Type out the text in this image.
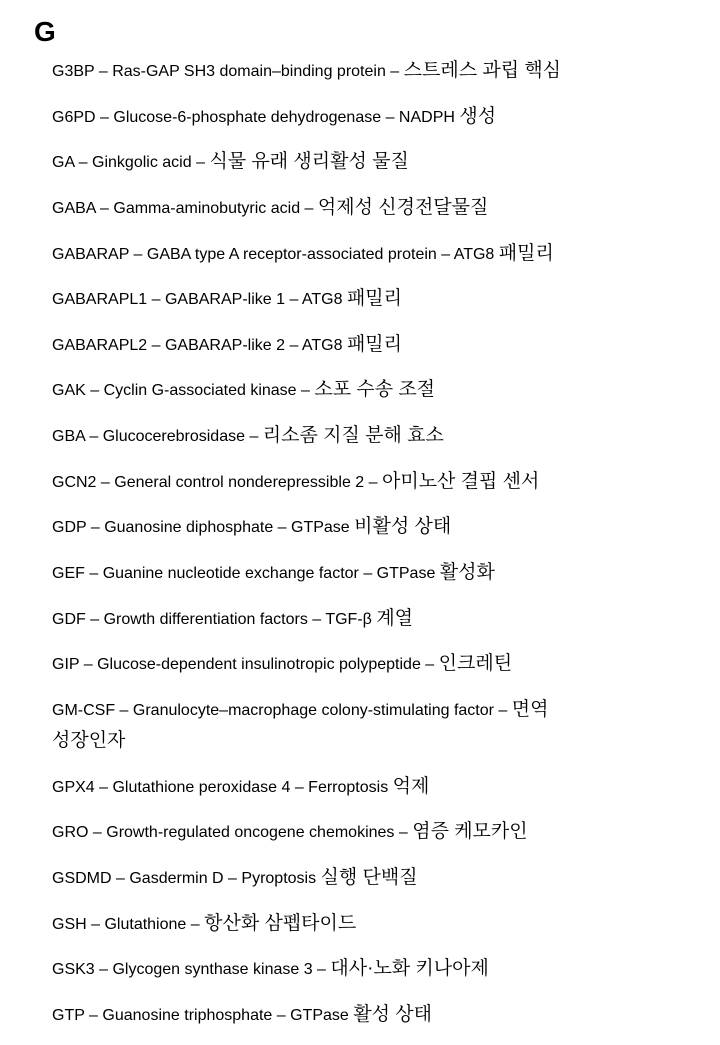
G
G3BP – Ras-GAP SH3 domain–binding protein – 스트레스 과립 핵심
G6PD – Glucose-6-phosphate dehydrogenase – NADPH 생성
GA – Ginkgolic acid – 식물 유래 생리활성 물질
GABA – Gamma-aminobutyric acid – 억제성 신경전달물질
GABARAP – GABA type A receptor-associated protein – ATG8 패밀리
GABARAPL1 – GABARAP-like 1 – ATG8 패밀리
GABARAPL2 – GABARAP-like 2 – ATG8 패밀리
GAK – Cyclin G-associated kinase – 소포 수송 조절
GBA – Glucocerebrosidase – 리소좀 지질 분해 효소
GCN2 – General control nonderepressible 2 – 아미노산 결핍 센서
GDP – Guanosine diphosphate – GTPase 비활성 상태
GEF – Guanine nucleotide exchange factor – GTPase 활성화
GDF – Growth differentiation factors – TGF-β 계열
GIP – Glucose-dependent insulinotropic polypeptide – 인크레틴
GM-CSF – Granulocyte–macrophage colony-stimulating factor – 면역 성장인자
GPX4 – Glutathione peroxidase 4 – Ferroptosis 억제
GRO – Growth-regulated oncogene chemokines – 염증 케모카인
GSDMD – Gasdermin D – Pyroptosis 실행 단백질
GSH – Glutathione – 항산화 삼펩타이드
GSK3 – Glycogen synthase kinase 3 – 대사·노화 키나아제
GTP – Guanosine triphosphate – GTPase 활성 상태
